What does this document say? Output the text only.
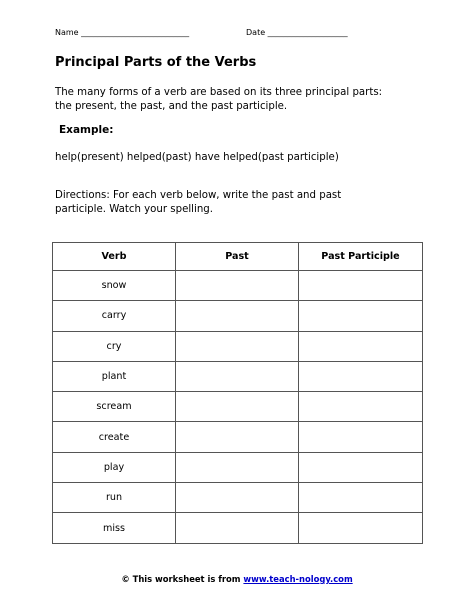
Name ___________________________	Date ____________________
Principal Parts of the Verbs
The many forms of a verb are based on its three principal parts:
the present, the past, and the past participle.
Example:
help(present) helped(past) have helped(past participle)
Directions: For each verb below, write the past and past
participle. Watch your spelling.
Verb	Past	Past Participle
snow		
carry		
cry		
plant		
scream		
create		
play		
run		
miss		
© This worksheet is from www.teach-nology.com
